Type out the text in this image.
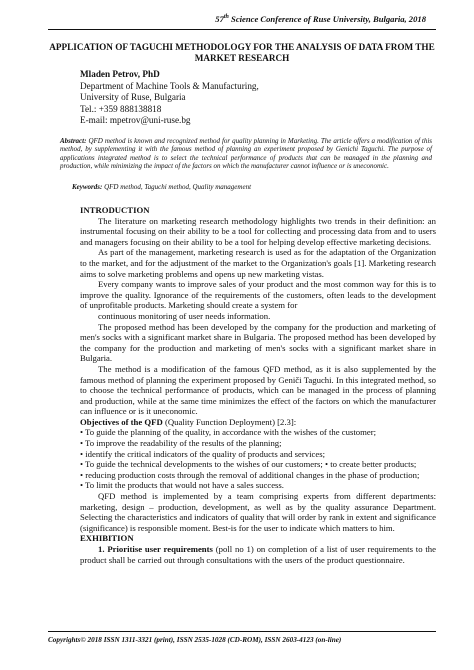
57th Science Conference of Ruse University, Bulgaria, 2018
APPLICATION OF TAGUCHI METHODOLOGY FOR THE ANALYSIS OF DATA FROM THE MARKET RESEARCH
Mladen Petrov, PhD
Department of Machine Tools & Manufacturing,
University of Ruse, Bulgaria
Tel.: +359 888138818
E-mail: mpetrov@uni-ruse.bg
Abstract: QFD method is known and recognized method for quality planning in Marketing. The article offers a modification of this method, by supplementing it with the famous method of planning an experiment proposed by Genichi Taguchi. The purpose of applications integrated method is to select the technical performance of products that can be managed in the planning and production, while minimizing the impact of the factors on which the manufacturer cannot influence or is uneconomic.
Keywords: QFD method, Taguchi method, Quality management

INTRODUCTION

The literature on marketing research methodology highlights two trends in their definition: an instrumental focusing on their ability to be a tool for collecting and processing data from and to users and managers focusing on their ability to be a tool for helping develop effective marketing decisions.

As part of the management, marketing research is used as for the adaptation of the Organization to the market, and for the adjustment of the market to the Organization's goals [1]. Marketing research aims to solve marketing problems and opens up new marketing vistas.

Every company wants to improve sales of your product and the most common way for this is to improve the quality. Ignorance of the requirements of the customers, often leads to the development of unprofitable products. Marketing should create a system for

continuous monitoring of user needs information.

The proposed method has been developed by the company for the production and marketing of men's socks with a significant market share in Bulgaria. The proposed method has been developed by the company for the production and marketing of men's socks with a significant market share in Bulgaria.

The method is a modification of the famous QFD method, as it is also supplemented by the famous method of planning the experiment proposed by Geniči Taguchi. In this integrated method, so to choose the technical performance of products, which can be managed in the process of planning and production, while at the same time minimizes the effect of the factors on which the manufacturer can influence or is it uneconomic.

Objectives of the QFD (Quality Function Deployment) [2.3]:

• To guide the planning of the quality, in accordance with the wishes of the customer;

• To improve the readability of the results of the planning;

• identify the critical indicators of the quality of products and services;

• To guide the technical developments to the wishes of our customers; • to create better products;

• reducing production costs through the removal of additional changes in the phase of production;

• To limit the products that would not have a sales success.

QFD method is implemented by a team comprising experts from different departments: marketing, design – production, development, as well as by the quality assurance Department. Selecting the characteristics and indicators of quality that will order by rank in extent and significance (significance) is responsible moment. Best-is for the user to indicate which matters to him.

EXHIBITION

1. Prioritise user requirements (poll no 1) on completion of a list of user requirements to the product shall be carried out through consultations with the users of the product questionnaire.

Copyrights© 2018 ISSN 1311-3321 (print), ISSN 2535-1028 (CD-ROM), ISSN 2603-4123 (on-line)
